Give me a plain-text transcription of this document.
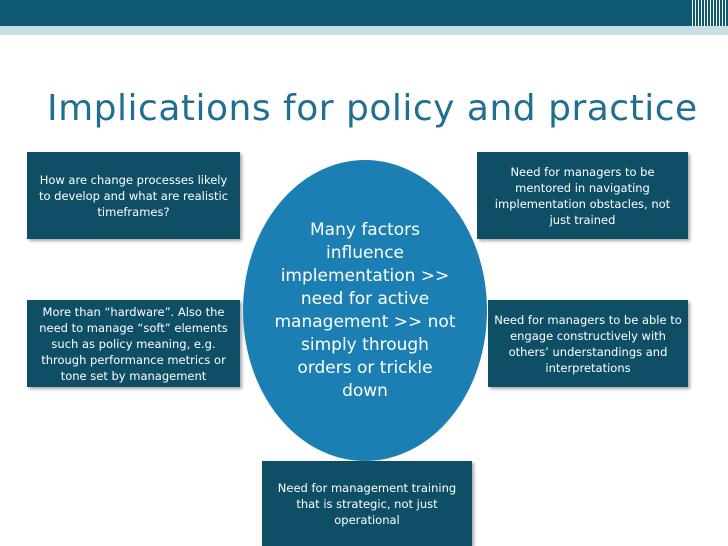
Implications for policy and practice
How are change processes likely to develop and what are realistic timeframes?
Need for managers to be mentored in navigating implementation obstacles, not just trained
More than “hardware”. Also the need to manage “soft” elements such as policy meaning, e.g. through performance metrics or tone set by management
Need for managers to be able to engage constructively with others’ understandings and interpretations
Many factors influence implementation >> need for active management >> not simply through orders or trickle down
Need for management training that is strategic, not just operational
